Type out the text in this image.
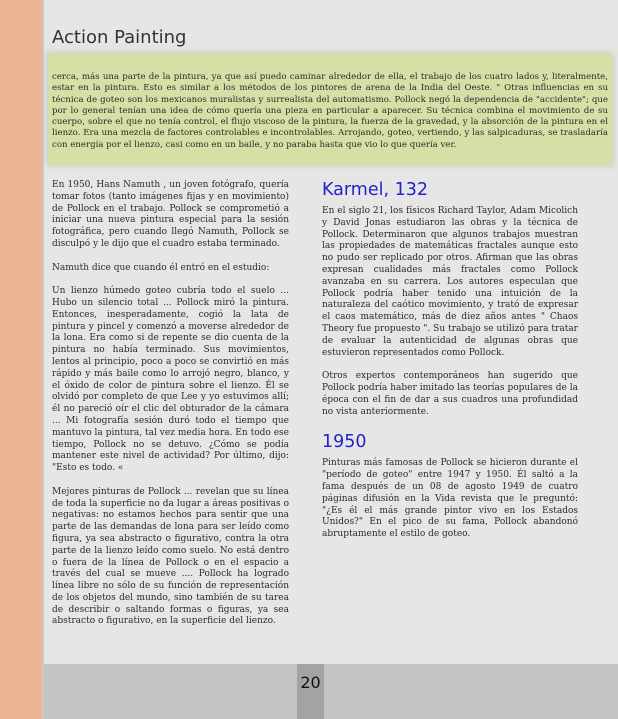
Action Painting

cerca, más una parte de la pintura, ya que así puedo caminar alrededor de ella, el trabajo de los cuatro lados y, literalmente, estar en la pintura. Esto es similar a los métodos de los pintores de arena de la India del Oeste. " Otras influencias en su técnica de goteo son los mexicanos muralistas y surrealista del automatismo. Pollock negó la dependencia de "accidente"; que por lo general tenían una idea de cómo quería una pieza en particular a aparecer. Su técnica combina el movimiento de su cuerpo, sobre el que no tenía control, el flujo viscoso de la pintura, la fuerza de la gravedad, y la absorción de la pintura en el lienzo. Era una mezcla de factores controlables e incontrolables. Arrojando, goteo, vertiendo, y las salpicaduras, se trasladaría con energía por el lienzo, casi como en un baile, y no paraba hasta que vio lo que quería ver.

En 1950, Hans Namuth , un joven fotógrafo, quería tomar fotos (tanto imágenes fijas y en movimiento) de Pollock en el trabajo. Pollock se comprometió a iniciar una nueva pintura especial para la sesión fotográfica, pero cuando llegó Namuth, Pollock se disculpó y le dijo que el cuadro estaba terminado.

Namuth dice que cuando él entró en el estudio:

Un lienzo húmedo goteo cubría todo el suelo ... Hubo un silencio total ... Pollock miró la pintura. Entonces, inesperadamente, cogió la lata de pintura y pincel y comenzó a moverse alrededor de la lona. Era como si de repente se dio cuenta de la pintura no había terminado. Sus movimientos, lentos al principio, poco a poco se convirtió en más rápido y más baile como lo arrojó negro, blanco, y el óxido de color de pintura sobre el lienzo. Él se olvidó por completo de que Lee y yo estuvimos allí; él no pareció oír el clic del obturador de la cámara ... Mi fotografía sesión duró todo el tiempo que mantuvo la pintura, tal vez media hora. En todo ese tiempo, Pollock no se detuvo. ¿Cómo se podía mantener este nivel de actividad? Por último, dijo: "Esto es todo. «

Mejores pinturas de Pollock ... revelan que su línea de toda la superficie no da lugar a áreas positivas o negativas: no estamos hechos para sentir que una parte de las demandas de lona para ser leído como figura, ya sea abstracto o figurativo, contra la otra parte de la lienzo leído como suelo. No está dentro o fuera de la línea de Pollock o en el espacio a través del cual se mueve .... Pollock ha logrado línea libre no sólo de su función de representación de los objetos del mundo, sino también de su tarea de describir o saltando formas o figuras, ya sea abstracto o figurativo, en la superficie del lienzo.

Karmel, 132

En el siglo 21, los físicos Richard Taylor, Adam Micolich y David Jonas estudiaron las obras y la técnica de Pollock. Determinaron que algunos trabajos muestran las propiedades de matemáticas fractales aunque esto no pudo ser replicado por otros. Afirman que las obras expresan cualidades más fractales como Pollock avanzaba en su carrera. Los autores especulan que Pollock podría haber tenido una intuición de la naturaleza del caótico movimiento, y trató de expresar el caos matemático, más de diez años antes " Chaos Theory fue propuesto ". Su trabajo se utilizó para tratar de evaluar la autenticidad de algunas obras que estuvieron representados como Pollock.

Otros expertos contemporáneos han sugerido que Pollock podría haber imitado las teorías populares de la época con el fin de dar a sus cuadros una profundidad no vista anteriormente.

1950

Pinturas más famosas de Pollock se hicieron durante el "período de goteo" entre 1947 y 1950. Él saltó a la fama después de un 08 de agosto 1949 de cuatro páginas difusión en la Vida revista que le preguntó: "¿Es él el más grande pintor vivo en los Estados Unidos?" En el pico de su fama, Pollock abandonó abruptamente el estilo de goteo.

20
